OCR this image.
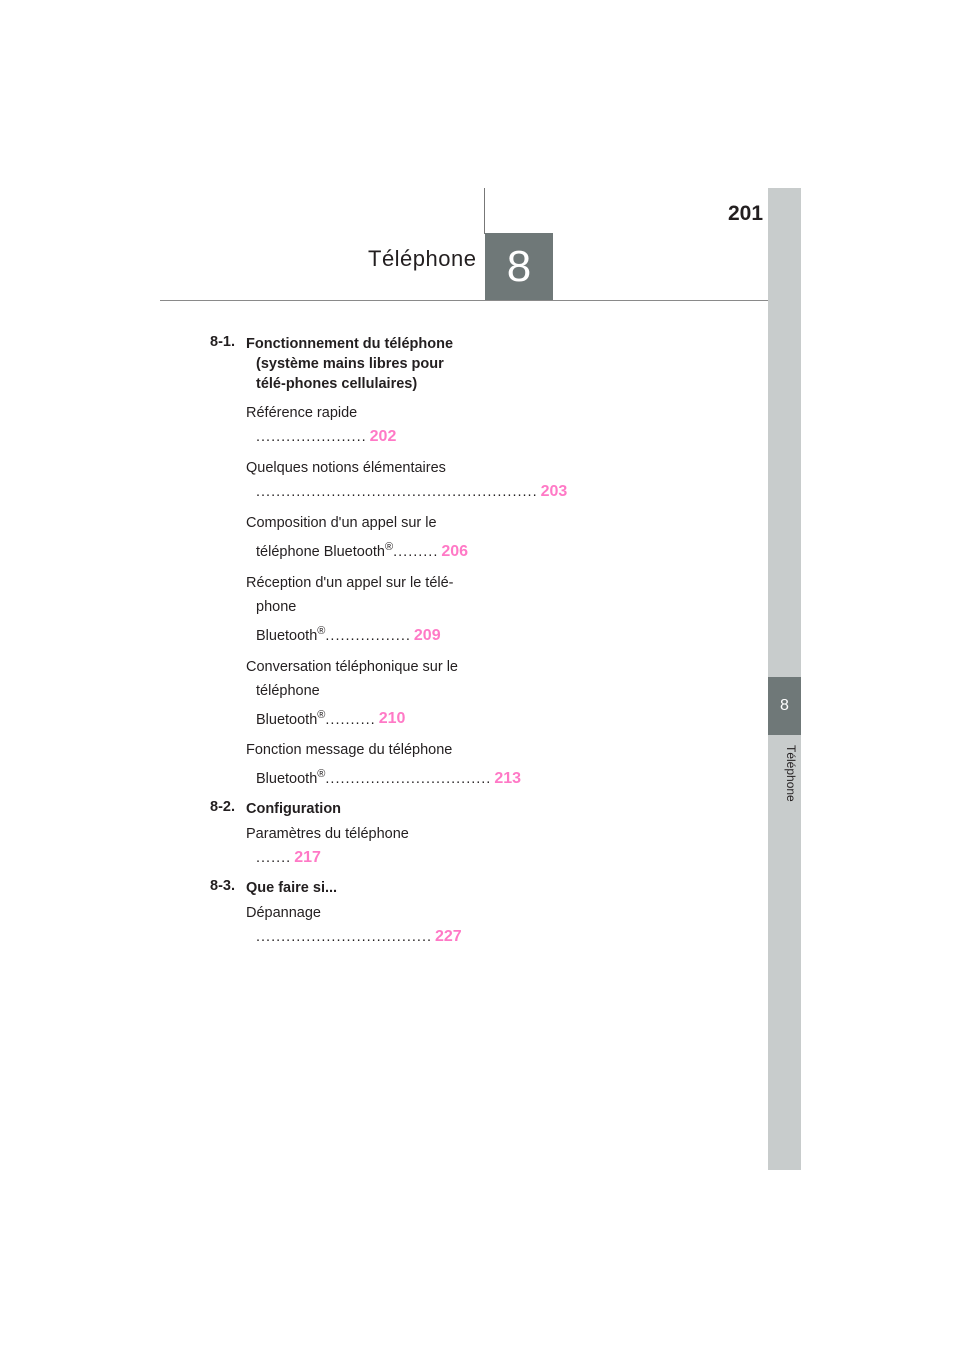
201
Téléphone 8
8
Téléphone
8-1. Fonctionnement du téléphone (système mains libres pour télé-phones cellulaires)
Référence rapide ...................... 202
Quelques notions élémentaires ........................................................ 203
Composition d'un appel sur le téléphone Bluetooth®......... 206
Réception d'un appel sur le télé-phone Bluetooth®................. 209
Conversation téléphonique sur le téléphone Bluetooth®.......... 210
Fonction message du téléphone Bluetooth®................................. 213
8-2. Configuration
Paramètres du téléphone ....... 217
8-3. Que faire si...
Dépannage ................................... 227
